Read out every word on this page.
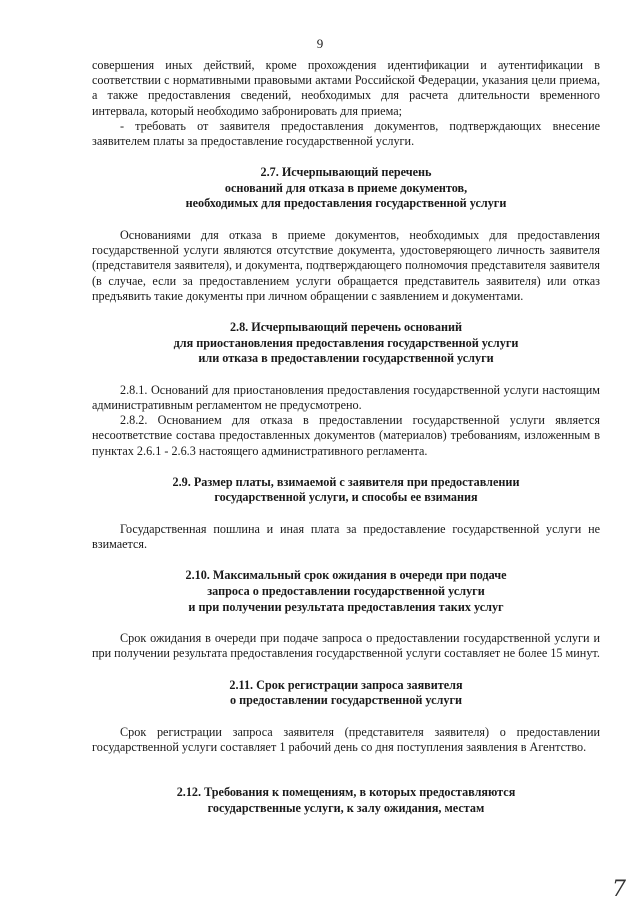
9

совершения иных действий, кроме прохождения идентификации и аутентификации в соответствии с нормативными правовыми актами Российской Федерации, указания цели приема, а также предоставления сведений, необходимых для расчета длительности временного интервала, который необходимо забронировать для приема;

- требовать от заявителя предоставления документов, подтверждающих внесение заявителем платы за предоставление государственной услуги.

2.7. Исчерпывающий перечень
оснований для отказа в приеме документов,
необходимых для предоставления государственной услуги

Основаниями для отказа в приеме документов, необходимых для предоставления государственной услуги являются отсутствие документа, удостоверяющего личность заявителя (представителя заявителя), и документа, подтверждающего полномочия представителя заявителя (в случае, если за предоставлением услуги обращается представитель заявителя) или отказ предъявить такие документы при личном обращении с заявлением и документами.

2.8. Исчерпывающий перечень оснований
для приостановления предоставления государственной услуги
или отказа в предоставлении государственной услуги

2.8.1. Оснований для приостановления предоставления государственной услуги настоящим административным регламентом не предусмотрено.

2.8.2. Основанием для отказа в предоставлении государственной услуги является несоответствие состава предоставленных документов (материалов) требованиям, изложенным в пунктах 2.6.1 - 2.6.3 настоящего административного регламента.

2.9. Размер платы, взимаемой с заявителя при предоставлении
государственной услуги, и способы ее взимания

Государственная пошлина и иная плата за предоставление государственной услуги не взимается.

2.10. Максимальный срок ожидания в очереди при подаче
запроса о предоставлении государственной услуги
и при получении результата предоставления таких услуг

Срок ожидания в очереди при подаче запроса о предоставлении государственной услуги и при получении результата предоставления государственной услуги составляет не более 15 минут.

2.11. Срок регистрации запроса заявителя
о предоставлении государственной услуги

Срок регистрации запроса заявителя (представителя заявителя) о предоставлении государственной услуги составляет 1 рабочий день со дня поступления заявления в Агентство.

2.12. Требования к помещениям, в которых предоставляются
государственные услуги, к залу ожидания, местам
7
